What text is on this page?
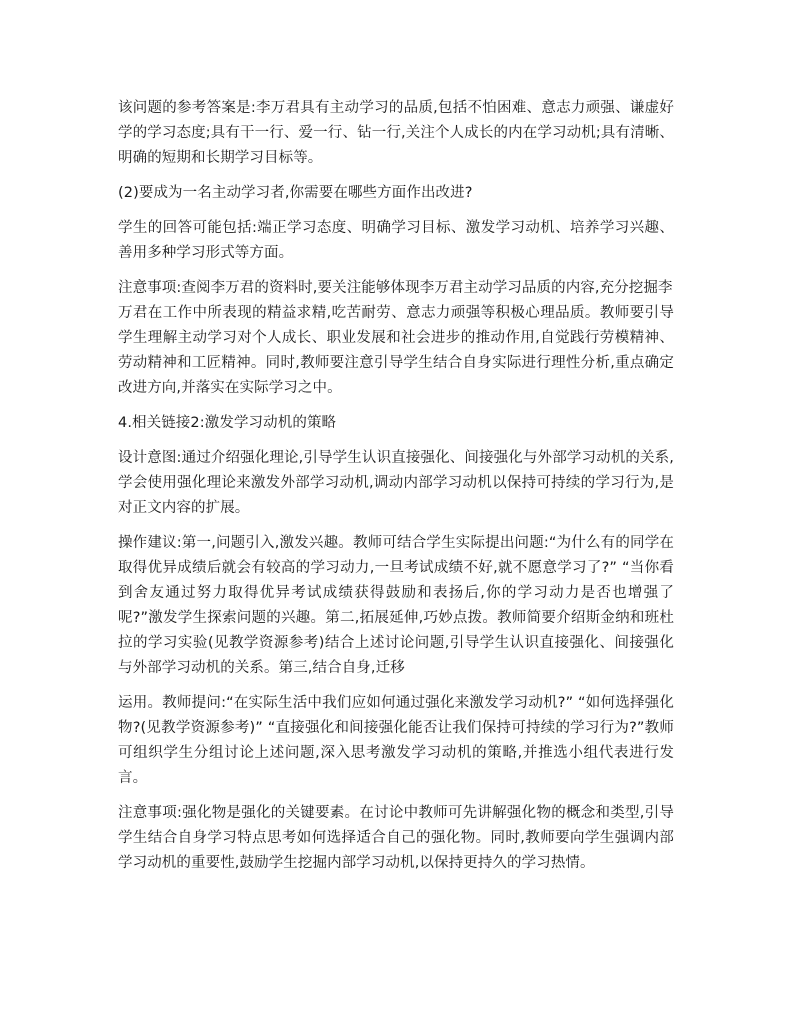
该问题的参考答案是:李万君具有主动学习的品质,包括不怕困难、意志力顽强、谦虚好学的学习态度;具有干一行、爱一行、钻一行,关注个人成长的内在学习动机;具有清晰、明确的短期和长期学习目标等。

(2)要成为一名主动学习者,你需要在哪些方面作出改进?

学生的回答可能包括:端正学习态度、明确学习目标、激发学习动机、培养学习兴趣、善用多种学习形式等方面。

注意事项:查阅李万君的资料时,要关注能够体现李万君主动学习品质的内容,充分挖掘李

万君在工作中所表现的精益求精,吃苦耐劳、意志力顽强等积极心理品质。教师要引导学生理解主动学习对个人成长、职业发展和社会进步的推动作用,自觉践行劳模精神、劳动精神和工匠精神。同时,教师要注意引导学生结合自身实际进行理性分析,重点确定改进方向,并落实在实际学习之中。

4.相关链接2:激发学习动机的策略

设计意图:通过介绍强化理论,引导学生认识直接强化、间接强化与外部学习动机的关系,学会使用强化理论来激发外部学习动机,调动内部学习动机以保持可持续的学习行为,是对正文内容的扩展。

操作建议:第一,问题引入,激发兴趣。教师可结合学生实际提出问题:“为什么有的同学在取得优异成绩后就会有较高的学习动力,一旦考试成绩不好,就不愿意学习了?” “当你看到舍友通过努力取得优异考试成绩获得鼓励和表扬后,你的学习动力是否也增强了呢?”激发学生探索问题的兴趣。第二,拓展延伸,巧妙点拨。教师简要介绍斯金纳和班杜拉的学习实验(见教学资源参考)结合上述讨论问题,引导学生认识直接强化、间接强化与外部学习动机的关系。第三,结合自身,迁移

运用。教师提问:“在实际生活中我们应如何通过强化来激发学习动机?” “如何选择强化物?(见教学资源参考)” “直接强化和间接强化能否让我们保持可持续的学习行为?”教师可组织学生分组讨论上述问题,深入思考激发学习动机的策略,并推选小组代表进行发言。

注意事项:强化物是强化的关键要素。在讨论中教师可先讲解强化物的概念和类型,引导学生结合自身学习特点思考如何选择适合自己的强化物。同时,教师要向学生强调内部学习动机的重要性,鼓励学生挖掘内部学习动机,以保持更持久的学习热情。
